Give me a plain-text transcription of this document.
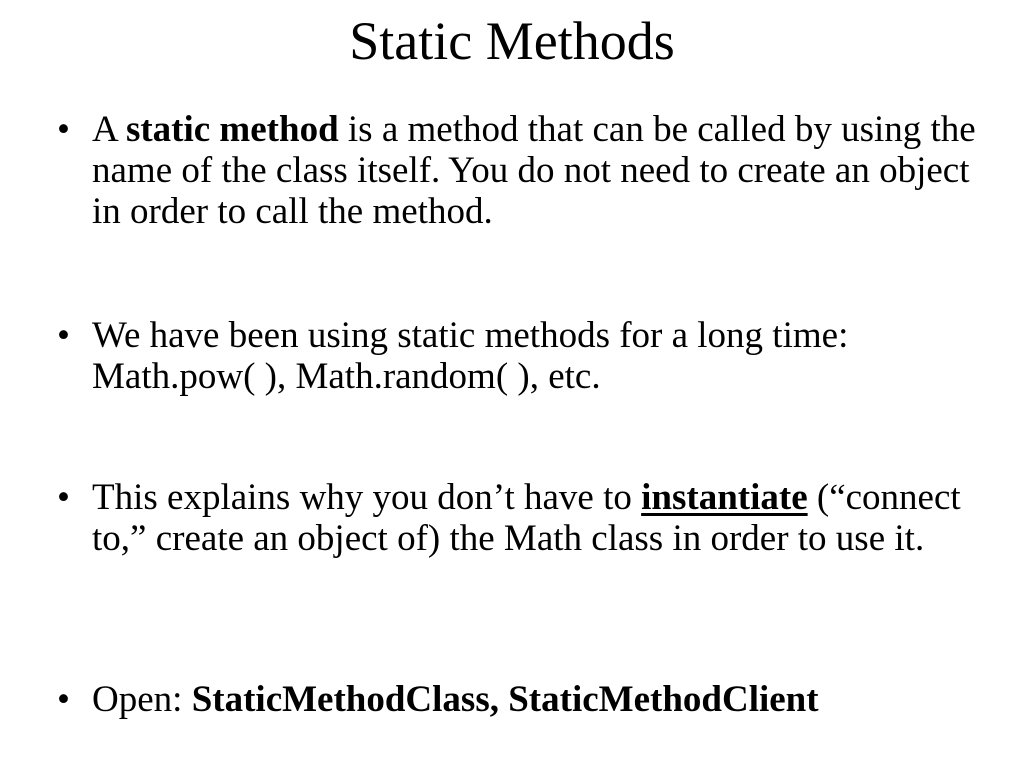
Static Methods
• A static method is a method that can be called by using the name of the class itself. You do not need to create an object in order to call the method.
• We have been using static methods for a long time:
Math.pow( ), Math.random( ), etc.
• This explains why you don’t have to instantiate (“connect to,” create an object of) the Math class in order to use it.
• Open: StaticMethodClass, StaticMethodClient
